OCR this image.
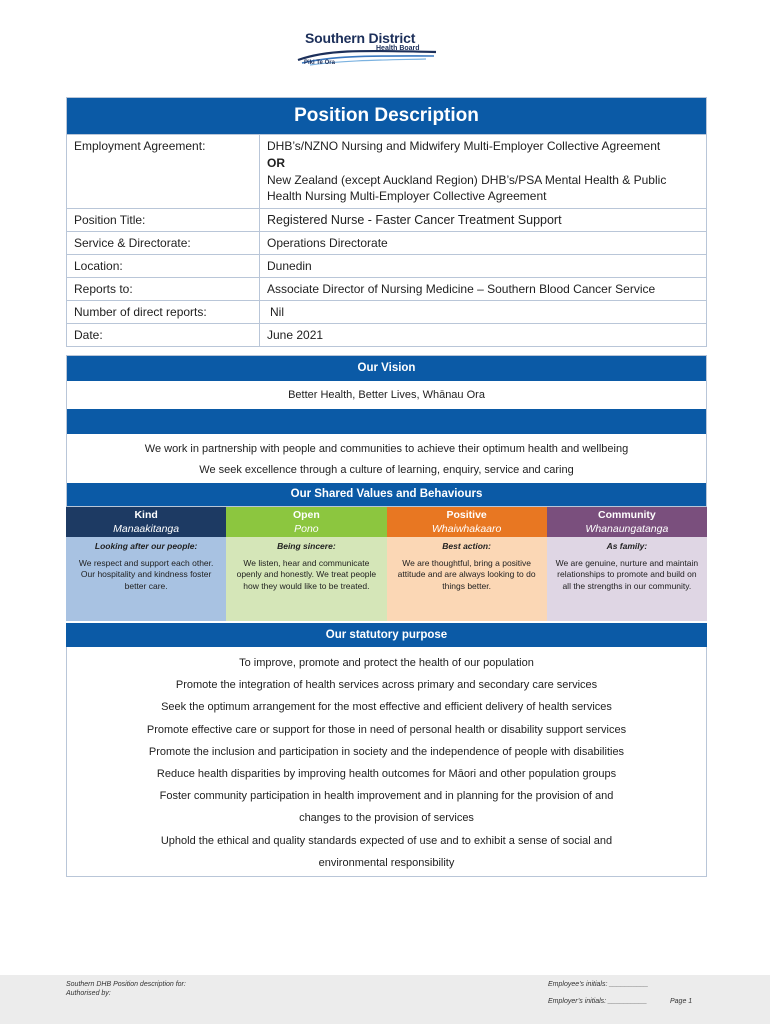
Southern District
Health Board
Piki Te Ora
Position Description
Employment Agreement:	DHB’s/NZNO Nursing and Midwifery Multi-Employer Collective Agreement
OR
New Zealand (except Auckland Region) DHB’s/PSA Mental Health & Public
Health Nursing Multi-Employer Collective Agreement
Position Title:	Registered Nurse - Faster Cancer Treatment Support
Service & Directorate:	Operations Directorate
Location:	Dunedin
Reports to:	Associate Director of Nursing Medicine – Southern Blood Cancer Service
Number of direct reports:	Nil
Date:	June 2021
Our Vision
Better Health, Better Lives, Whānau Ora
We work in partnership with people and communities to achieve their optimum health and wellbeing
We seek excellence through a culture of learning, enquiry, service and caring
Our Shared Values and Behaviours
Kind
Manaakitanga
Looking after our people:
We respect and support each other. Our hospitality and kindness foster better care.
Open
Pono
Being sincere:
We listen, hear and communicate openly and honestly. We treat people how they would like to be treated.
Positive
Whaiwhakaaro
Best action:
We are thoughtful, bring a positive attitude and are always looking to do things better.
Community
Whanaungatanga
As family:
We are genuine, nurture and maintain relationships to promote and build on all the strengths in our community.
Our statutory purpose
To improve, promote and protect the health of our population
Promote the integration of health services across primary and secondary care services
Seek the optimum arrangement for the most effective and efficient delivery of health services
Promote effective care or support for those in need of personal health or disability support services
Promote the inclusion and participation in society and the independence of people with disabilities
Reduce health disparities by improving health outcomes for Māori and other population groups
Foster community participation in health improvement and in planning for the provision of and
changes to the provision of services
Uphold the ethical and quality standards expected of use and to exhibit a sense of social and
environmental responsibility
Southern DHB Position description for:
Authorised by:
Employee’s initials: __________
Employer’s initials: __________	Page 1
